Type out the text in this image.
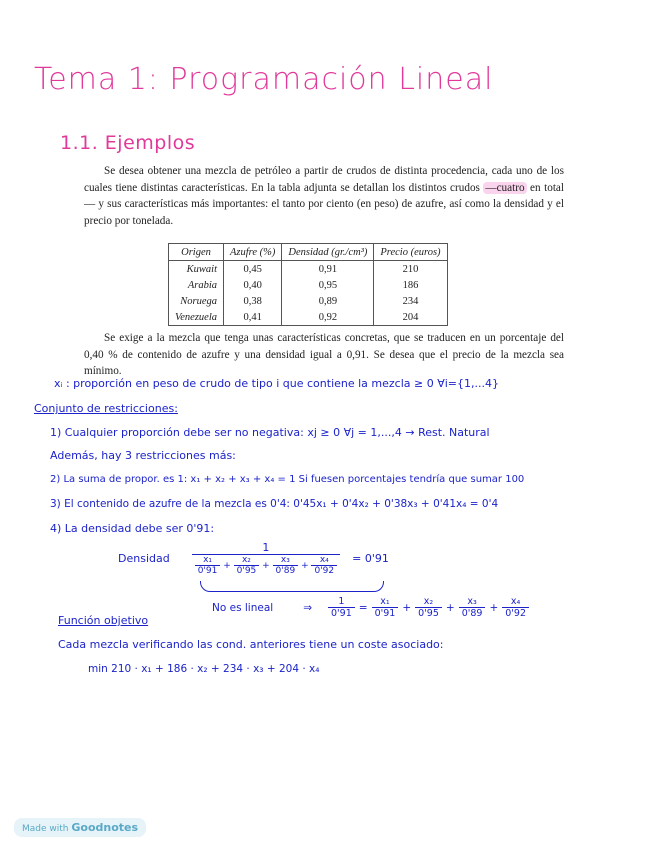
Tema 1: Programación Lineal
1.1. Ejemplos
Se desea obtener una mezcla de petróleo a partir de crudos de distinta procedencia, cada uno de los cuales tiene distintas características. En la tabla adjunta se detallan los distintos crudos —cuatro en total— y sus características más importantes: el tanto por ciento (en peso) de azufre, así como la densidad y el precio por tonelada.
Origen	Azufre (%)	Densidad (gr./cm³)	Precio (euros)
Kuwait	0,45	0,91	210
Arabia	0,40	0,95	186
Noruega	0,38	0,89	234
Venezuela	0,41	0,92	204
Se exige a la mezcla que tenga unas características concretas, que se traducen en un porcentaje del 0,40 % de contenido de azufre y una densidad igual a 0,91. Se desea que el precio de la mezcla sea mínimo.
xᵢ : proporción en peso de crudo de tipo i que contiene la mezcla ≥ 0 ∀i={1,...4}
Conjunto de restricciones:
1) Cualquier proporción debe ser no negativa: xj ≥ 0 ∀j = 1,...,4 → Rest. Natural
Además, hay 3 restricciones más:
2) La suma de propor. es 1: x₁ + x₂ + x₃ + x₄ = 1 Si fuesen porcentajes tendría que sumar 100
3) El contenido de azufre de la mezcla es 0'4: 0'45x₁ + 0'4x₂ + 0'38x₃ + 0'41x₄ = 0'4
4) La densidad debe ser 0'91:
Densidad $\frac{1}{\frac{\text{x₁}}{0'91} + \frac{\text{x₂}}{0'95} + \frac{\text{x₃}}{0'89} + \frac{\text{x₄}}{0'92}} = 0'91$
No es lineal	⇒ $\frac{1}{0'91} = \frac{\text{x₁}}{0'91} + \frac{\text{x₂}}{0'95} + \frac{\text{x₃}}{0'89} + \frac{\text{x₄}}{0'92}$
Función objetivo
Cada mezcla verificando las cond. anteriores tiene un coste asociado:
min 210 · x₁ + 186 · x₂ + 234 · x₃ + 204 · x₄
Made with Goodnotes
